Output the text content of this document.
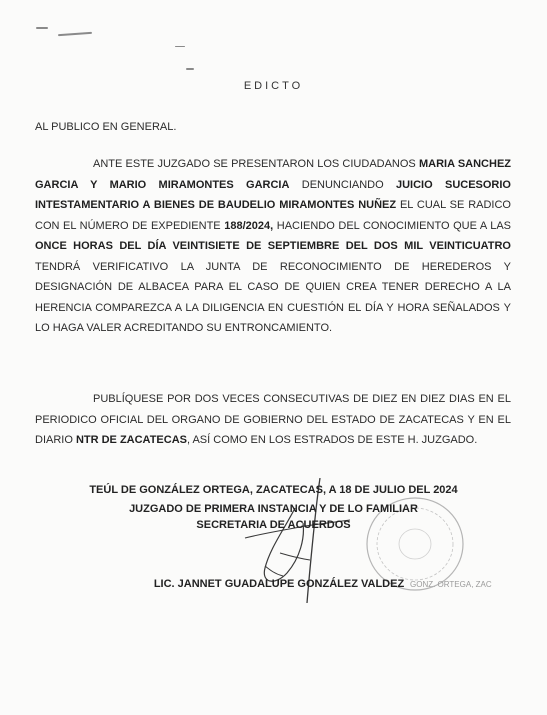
EDICTO
AL PUBLICO EN GENERAL.
ANTE ESTE JUZGADO SE PRESENTARON LOS CIUDADANOS MARIA SANCHEZ GARCIA Y MARIO MIRAMONTES GARCIA DENUNCIANDO JUICIO SUCESORIO INTESTAMENTARIO A BIENES DE BAUDELIO MIRAMONTES NUÑEZ EL CUAL SE RADICO CON EL NÚMERO DE EXPEDIENTE 188/2024, HACIENDO DEL CONOCIMIENTO QUE A LAS ONCE HORAS DEL DÍA VEINTISIETE DE SEPTIEMBRE DEL DOS MIL VEINTICUATRO TENDRÁ VERIFICATIVO LA JUNTA DE RECONOCIMIENTO DE HEREDEROS Y DESIGNACIÓN DE ALBACEA PARA EL CASO DE QUIEN CREA TENER DERECHO A LA HERENCIA COMPAREZCA A LA DILIGENCIA EN CUESTIÓN EL DÍA Y HORA SEÑALADOS Y LO HAGA VALER ACREDITANDO SU ENTRONCAMIENTO.
PUBLÍQUESE POR DOS VECES CONSECUTIVAS DE DIEZ EN DIEZ DIAS EN EL PERIODICO OFICIAL DEL ORGANO DE GOBIERNO DEL ESTADO DE ZACATECAS Y EN EL DIARIO NTR DE ZACATECAS, ASÍ COMO EN LOS ESTRADOS DE ESTE H. JUZGADO.
TEÚL DE GONZÁLEZ ORTEGA, ZACATECAS, A 18 DE JULIO DEL 2024
JUZGADO DE PRIMERA INSTANCIA Y DE LO FAMILIAR
SECRETARIA DE ACUERDOS
LIC. JANNET GUADALUPE GONZÁLEZ VALDEZ GONZ. ORTEGA, ZAC
